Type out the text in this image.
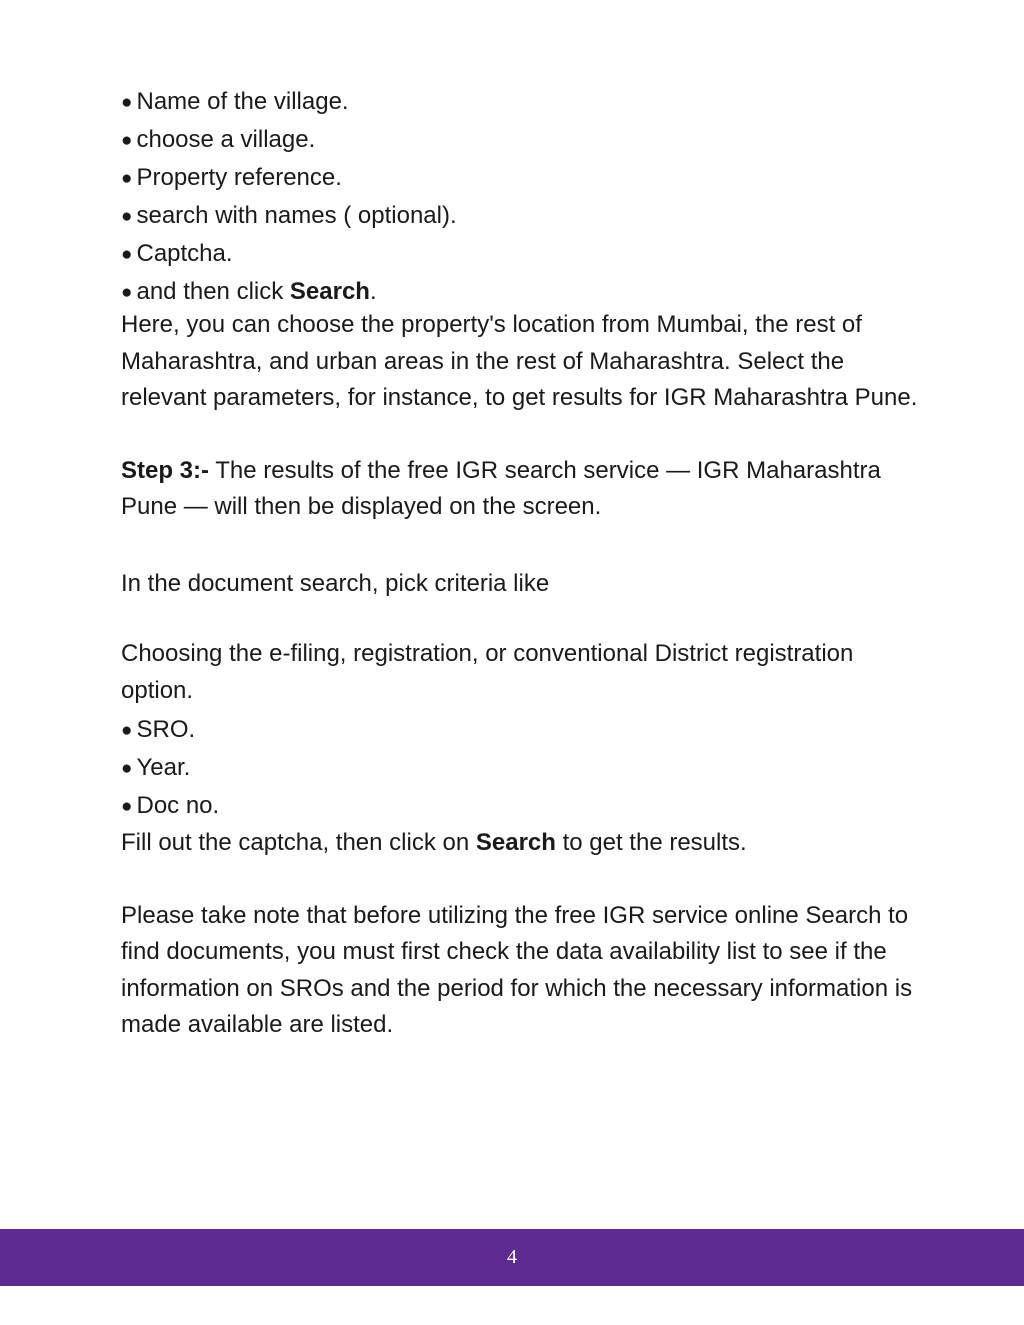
● Name of the village.
● choose a village.
● Property reference.
● search with names ( optional).
● Captcha.
● and then click Search.

Here, you can choose the property's location from Mumbai, the rest of Maharashtra, and urban areas in the rest of Maharashtra. Select the relevant parameters, for instance, to get results for IGR Maharashtra Pune.

Step 3:- The results of the free IGR search service — IGR Maharashtra Pune — will then be displayed on the screen.

In the document search, pick criteria like

Choosing the e-filing, registration, or conventional District registration option.

● SRO.
● Year.
● Doc no.

Fill out the captcha, then click on Search to get the results.

Please take note that before utilizing the free IGR service online Search to find documents, you must first check the data availability list to see if the information on SROs and the period for which the necessary information is made available are listed.

4
